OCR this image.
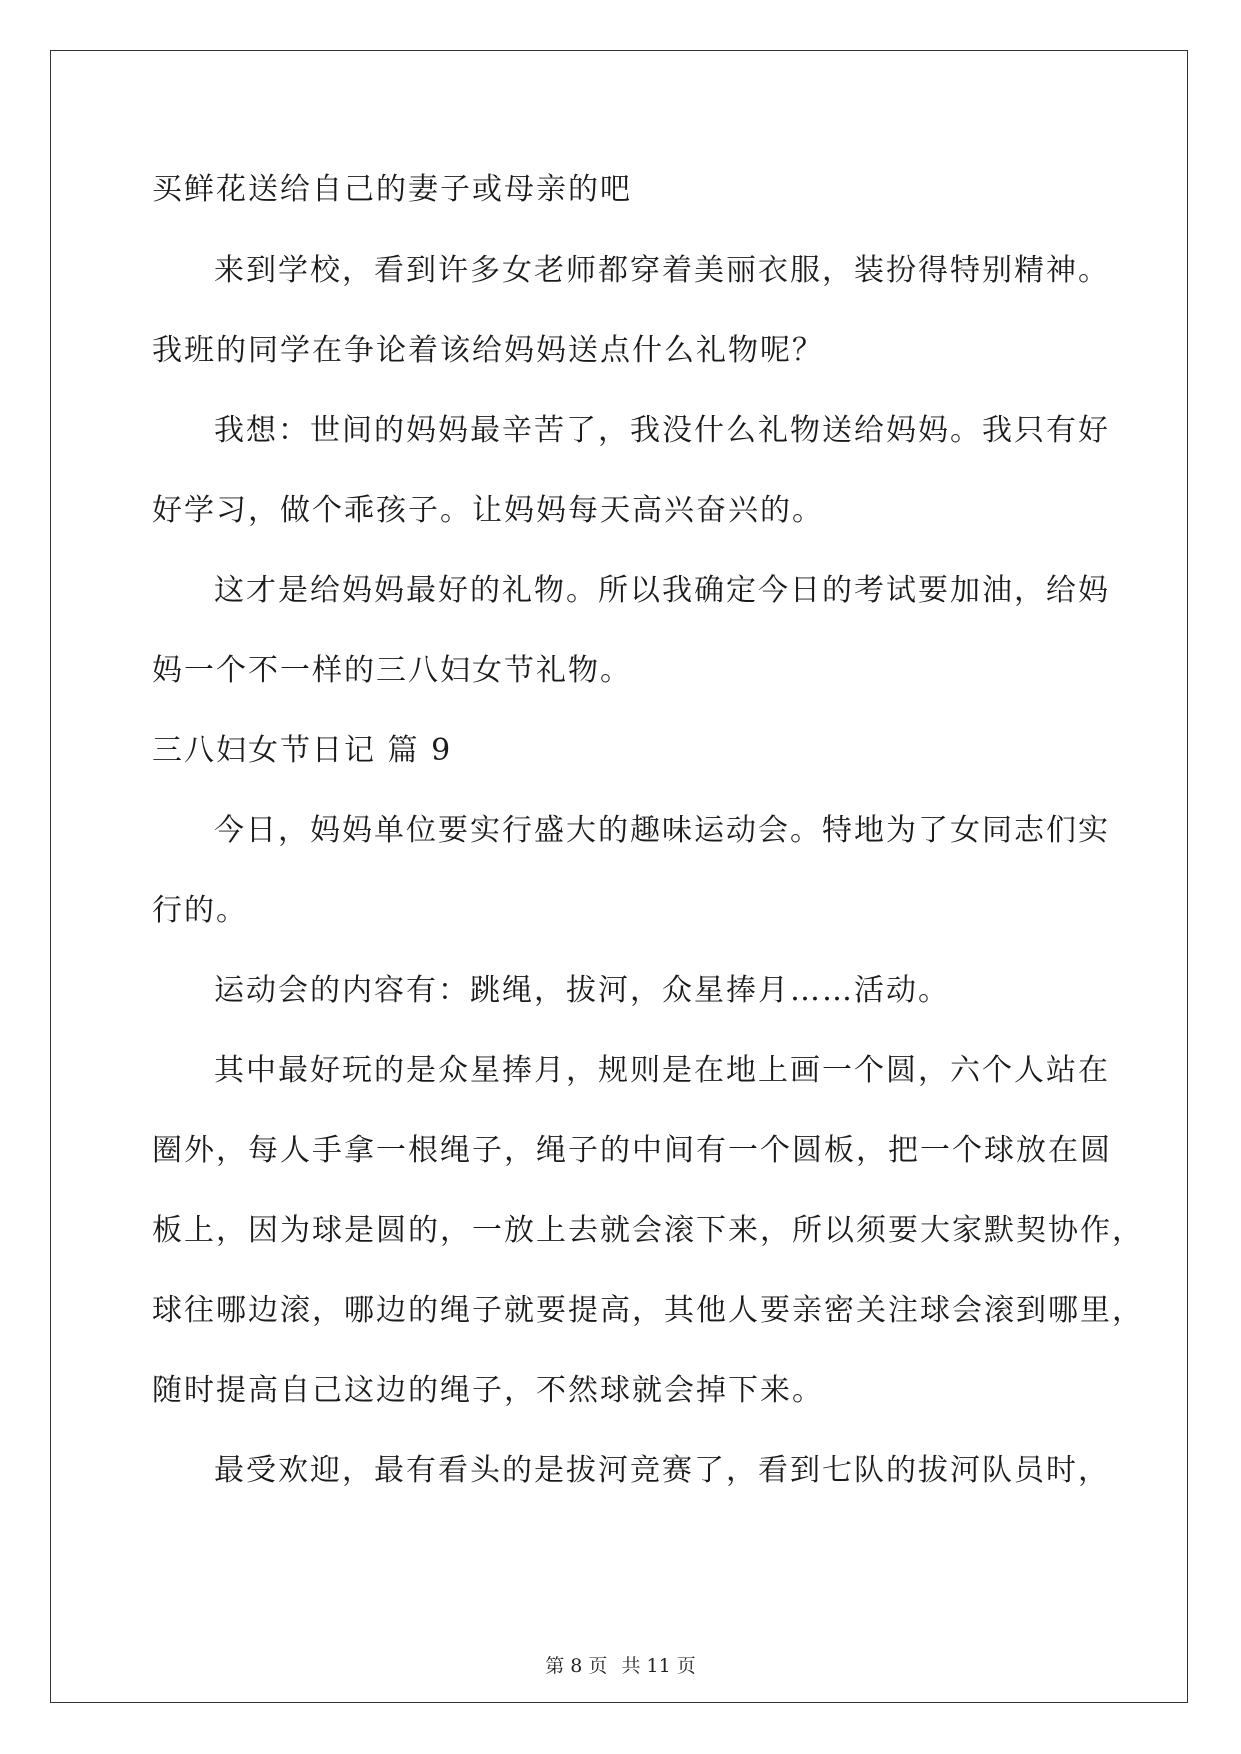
买鲜花送给自己的妻子或母亲的吧
来到学校，看到许多女老师都穿着美丽衣服，装扮得特别精神。
我班的同学在争论着该给妈妈送点什么礼物呢？
我想：世间的妈妈最辛苦了，我没什么礼物送给妈妈。我只有好
好学习，做个乖孩子。让妈妈每天高兴奋兴的。
这才是给妈妈最好的礼物。所以我确定今日的考试要加油，给妈
妈一个不一样的三八妇女节礼物。
三八妇女节日记 篇 9
今日，妈妈单位要实行盛大的趣味运动会。特地为了女同志们实
行的。
运动会的内容有：跳绳，拔河，众星捧月……活动。
其中最好玩的是众星捧月，规则是在地上画一个圆，六个人站在
圈外，每人手拿一根绳子，绳子的中间有一个圆板，把一个球放在圆
板上，因为球是圆的，一放上去就会滚下来，所以须要大家默契协作，
球往哪边滚，哪边的绳子就要提高，其他人要亲密关注球会滚到哪里，
随时提高自己这边的绳子，不然球就会掉下来。
最受欢迎，最有看头的是拔河竞赛了，看到七队的拔河队员时，
第 8 页 共 11 页
